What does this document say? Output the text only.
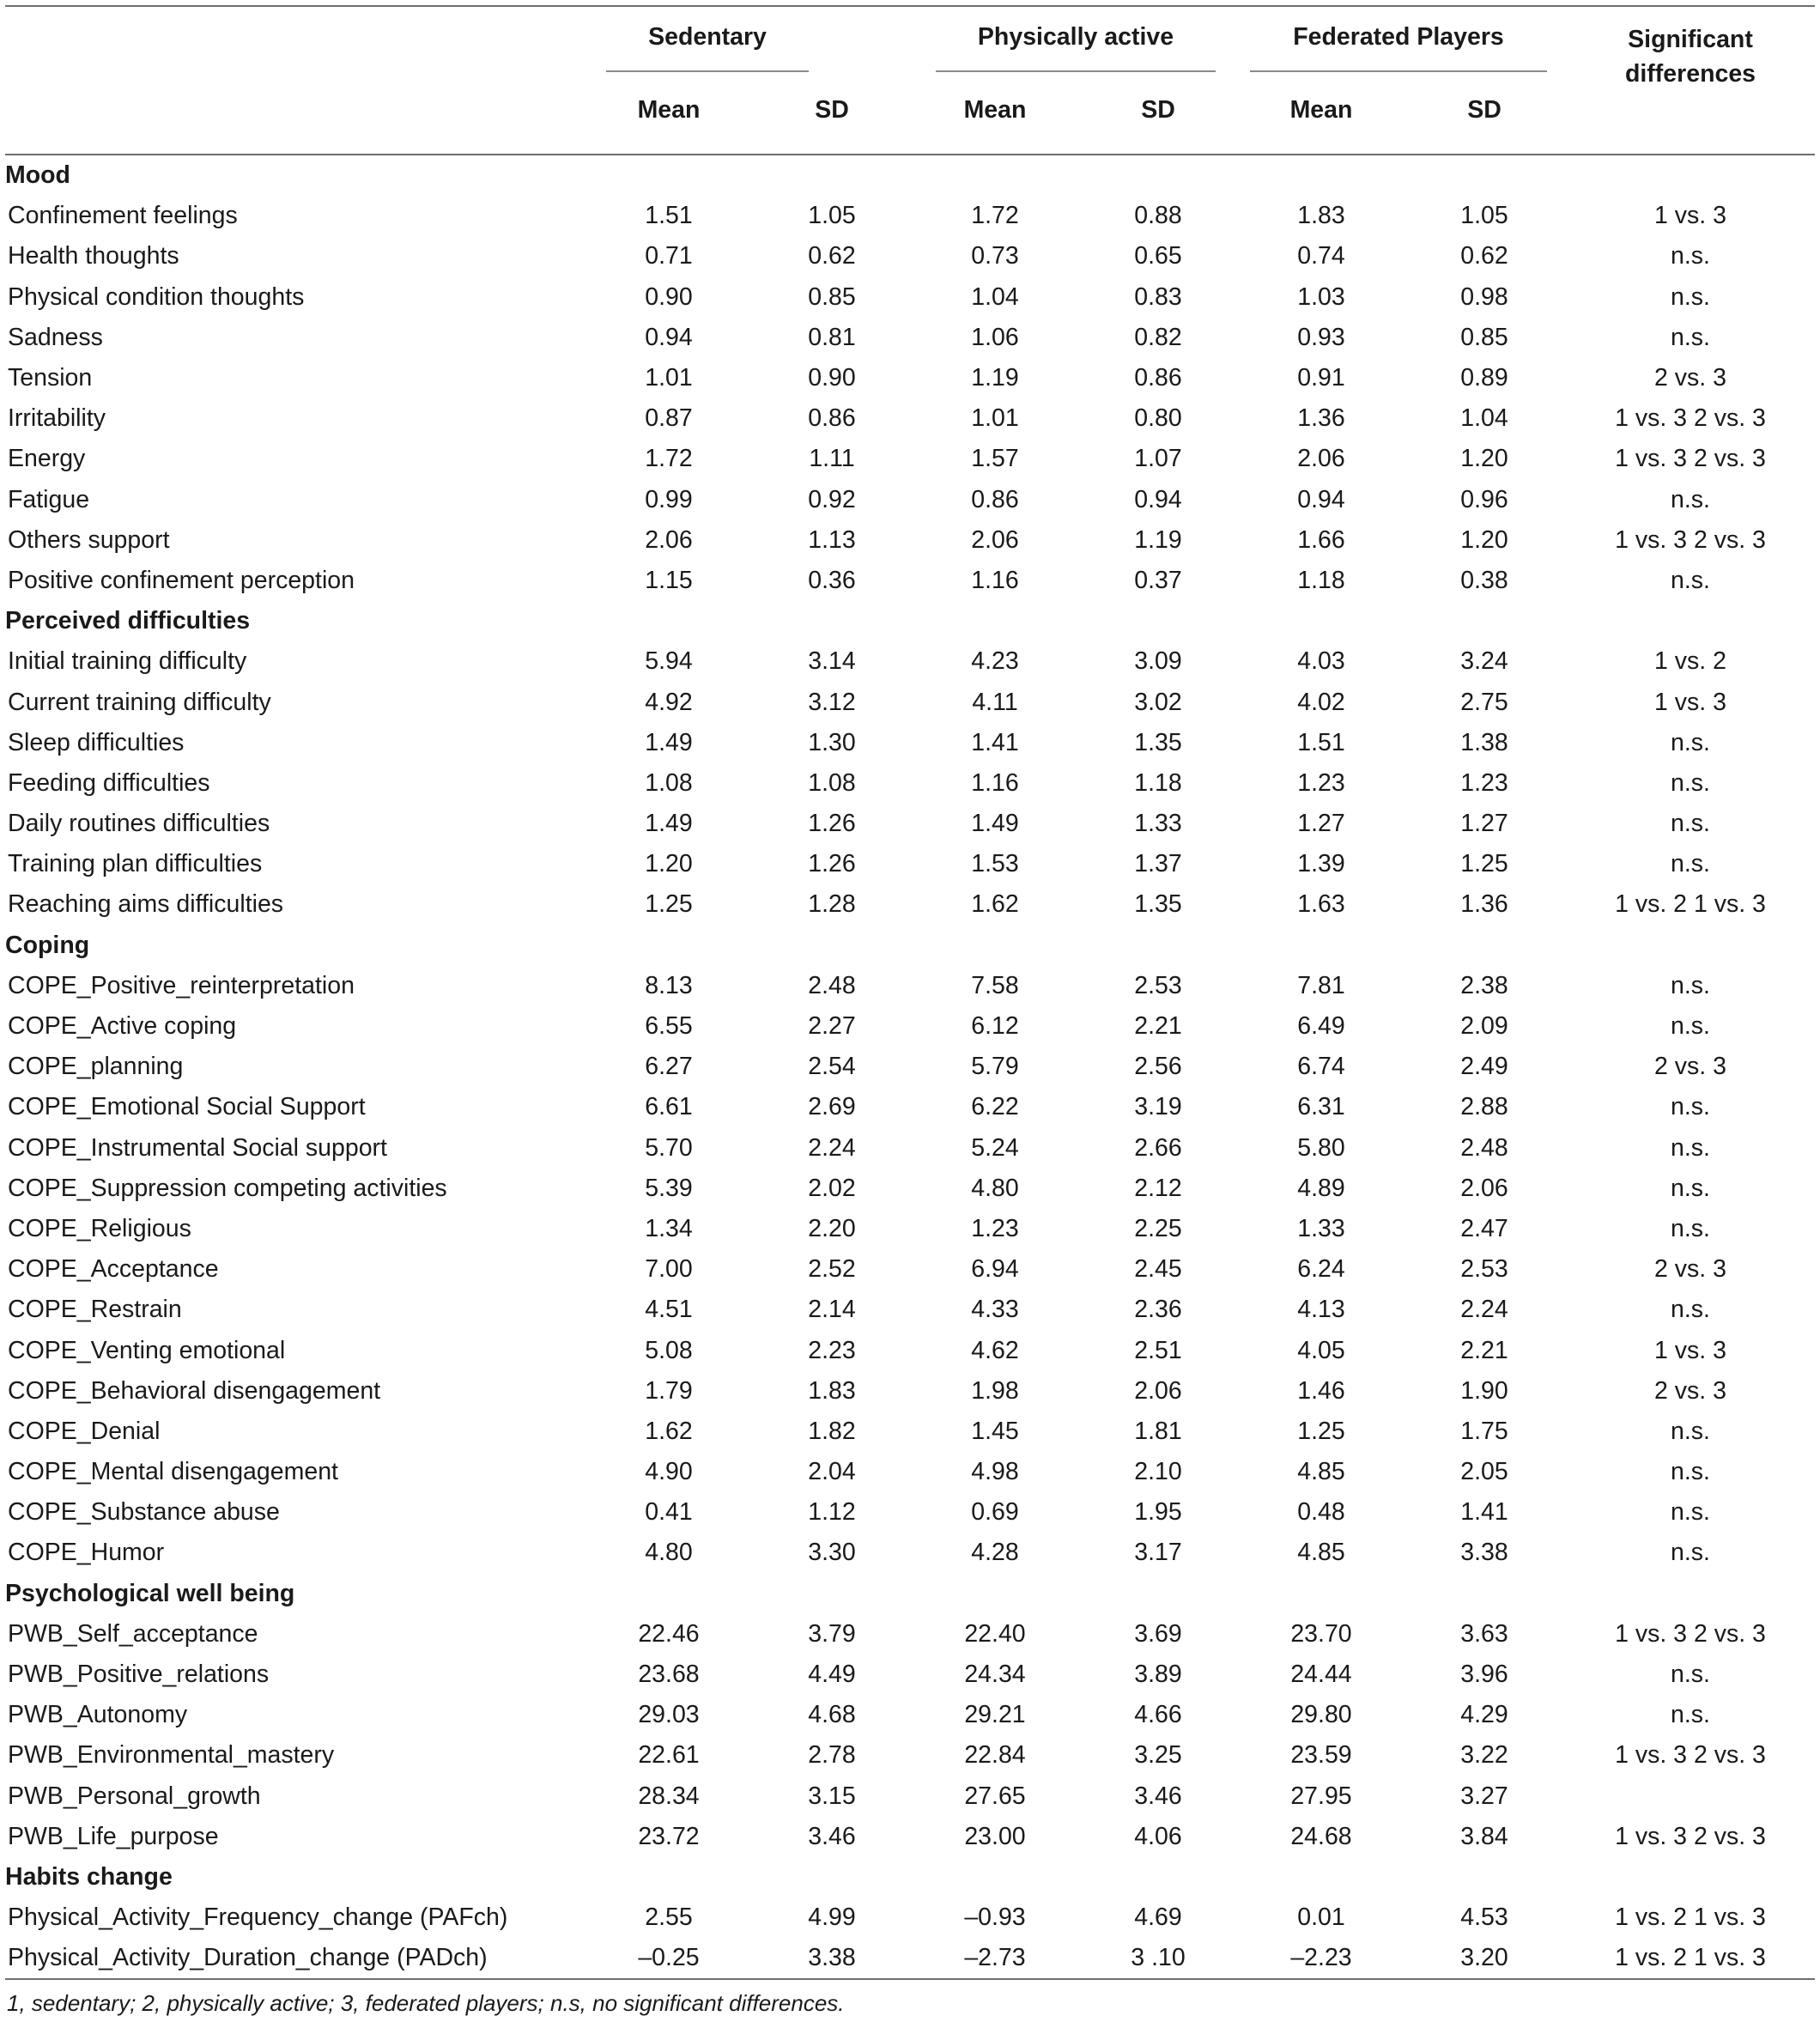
	Sedentary		Physically active		Federated Players		Significant differences
	Mean	SD	Mean	SD	Mean	SD	
Mood							
Confinement feelings	1.51	1.05	1.72	0.88	1.83	1.05	1 vs. 3
Health thoughts	0.71	0.62	0.73	0.65	0.74	0.62	n.s.
Physical condition thoughts	0.90	0.85	1.04	0.83	1.03	0.98	n.s.
Sadness	0.94	0.81	1.06	0.82	0.93	0.85	n.s.
Tension	1.01	0.90	1.19	0.86	0.91	0.89	2 vs. 3
Irritability	0.87	0.86	1.01	0.80	1.36	1.04	1 vs. 3 2 vs. 3
Energy	1.72	1.11	1.57	1.07	2.06	1.20	1 vs. 3 2 vs. 3
Fatigue	0.99	0.92	0.86	0.94	0.94	0.96	n.s.
Others support	2.06	1.13	2.06	1.19	1.66	1.20	1 vs. 3 2 vs. 3
Positive confinement perception	1.15	0.36	1.16	0.37	1.18	0.38	n.s.
Perceived difficulties							
Initial training difficulty	5.94	3.14	4.23	3.09	4.03	3.24	1 vs. 2
Current training difficulty	4.92	3.12	4.11	3.02	4.02	2.75	1 vs. 3
Sleep difficulties	1.49	1.30	1.41	1.35	1.51	1.38	n.s.
Feeding difficulties	1.08	1.08	1.16	1.18	1.23	1.23	n.s.
Daily routines difficulties	1.49	1.26	1.49	1.33	1.27	1.27	n.s.
Training plan difficulties	1.20	1.26	1.53	1.37	1.39	1.25	n.s.
Reaching aims difficulties	1.25	1.28	1.62	1.35	1.63	1.36	1 vs. 2 1 vs. 3
Coping							
COPE_Positive_reinterpretation	8.13	2.48	7.58	2.53	7.81	2.38	n.s.
COPE_Active coping	6.55	2.27	6.12	2.21	6.49	2.09	n.s.
COPE_planning	6.27	2.54	5.79	2.56	6.74	2.49	2 vs. 3
COPE_Emotional Social Support	6.61	2.69	6.22	3.19	6.31	2.88	n.s.
COPE_Instrumental Social support	5.70	2.24	5.24	2.66	5.80	2.48	n.s.
COPE_Suppression competing activities	5.39	2.02	4.80	2.12	4.89	2.06	n.s.
COPE_Religious	1.34	2.20	1.23	2.25	1.33	2.47	n.s.
COPE_Acceptance	7.00	2.52	6.94	2.45	6.24	2.53	2 vs. 3
COPE_Restrain	4.51	2.14	4.33	2.36	4.13	2.24	n.s.
COPE_Venting emotional	5.08	2.23	4.62	2.51	4.05	2.21	1 vs. 3
COPE_Behavioral disengagement	1.79	1.83	1.98	2.06	1.46	1.90	2 vs. 3
COPE_Denial	1.62	1.82	1.45	1.81	1.25	1.75	n.s.
COPE_Mental disengagement	4.90	2.04	4.98	2.10	4.85	2.05	n.s.
COPE_Substance abuse	0.41	1.12	0.69	1.95	0.48	1.41	n.s.
COPE_Humor	4.80	3.30	4.28	3.17	4.85	3.38	n.s.
Psychological well being							
PWB_Self_acceptance	22.46	3.79	22.40	3.69	23.70	3.63	1 vs. 3 2 vs. 3
PWB_Positive_relations	23.68	4.49	24.34	3.89	24.44	3.96	n.s.
PWB_Autonomy	29.03	4.68	29.21	4.66	29.80	4.29	n.s.
PWB_Environmental_mastery	22.61	2.78	22.84	3.25	23.59	3.22	1 vs. 3 2 vs. 3
PWB_Personal_growth	28.34	3.15	27.65	3.46	27.95	3.27	
PWB_Life_purpose	23.72	3.46	23.00	4.06	24.68	3.84	1 vs. 3 2 vs. 3
Habits change							
Physical_Activity_Frequency_change (PAFch)	2.55	4.99	–0.93	4.69	0.01	4.53	1 vs. 2 1 vs. 3
Physical_Activity_Duration_change (PADch)	–0.25	3.38	–2.73	3 .10	–2.23	3.20	1 vs. 2 1 vs. 3
1, sedentary; 2, physically active; 3, federated players; n.s, no significant differences.
